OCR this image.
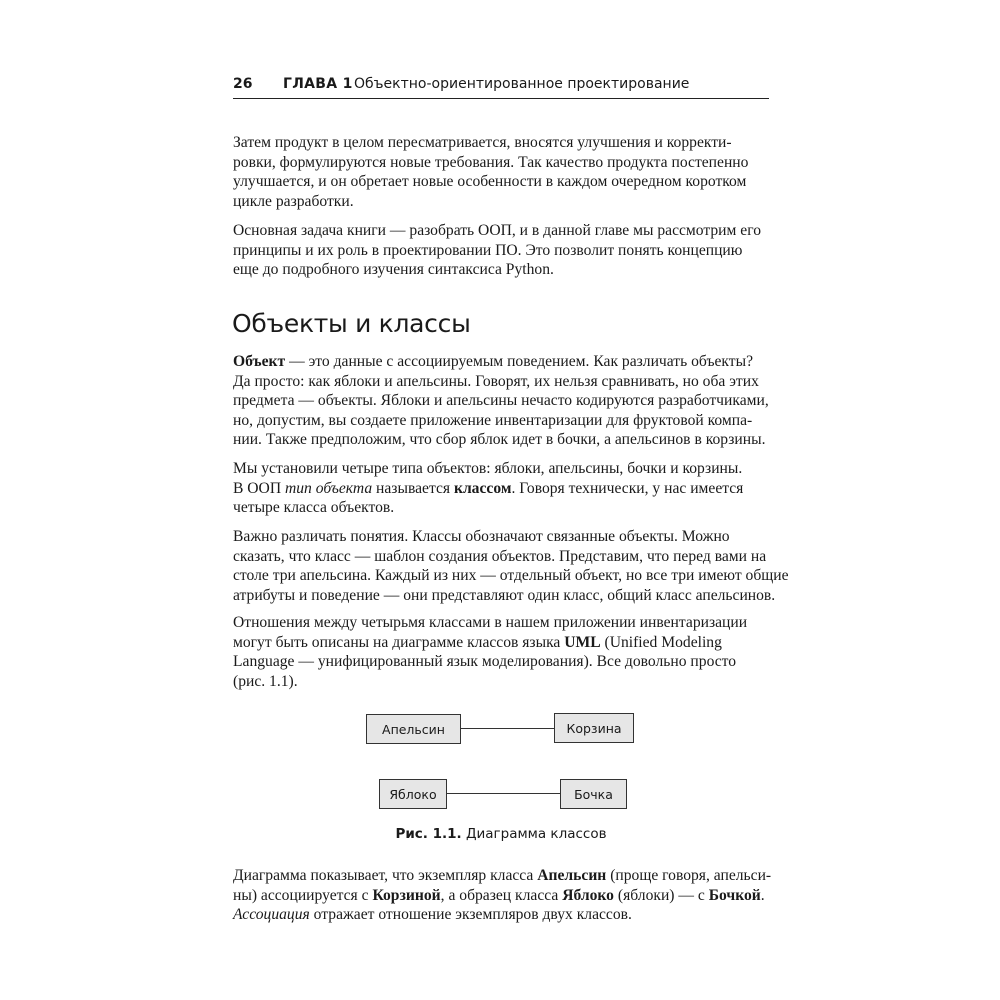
26 ГЛАВА 1 Объектно-ориентированное проектирование

Затем продукт в целом пересматривается, вносятся улучшения и корректи-
ровки, формулируются новые требования. Так качество продукта постепенно
улучшается, и он обретает новые особенности в каждом очередном коротком
цикле разработки.

Основная задача книги — разобрать ООП, и в данной главе мы рассмотрим его
принципы и их роль в проектировании ПО. Это позволит понять концепцию
еще до подробного изучения синтаксиса Python.

Объекты и классы

Объект — это данные с ассоциируемым поведением. Как различать объекты?
Да просто: как яблоки и апельсины. Говорят, их нельзя сравнивать, но оба этих
предмета — объекты. Яблоки и апельсины нечасто кодируются разработчиками,
но, допустим, вы создаете приложение инвентаризации для фруктовой компа-
нии. Также предположим, что сбор яблок идет в бочки, а апельсинов в корзины.

Мы установили четыре типа объектов: яблоки, апельсины, бочки и корзины.
В ООП тип объекта называется классом. Говоря технически, у нас имеется
четыре класса объектов.

Важно различать понятия. Классы обозначают связанные объекты. Можно
сказать, что класс — шаблон создания объектов. Представим, что перед вами на
столе три апельсина. Каждый из них — отдельный объект, но все три имеют общие
атрибуты и поведение — они представляют один класс, общий класс апельсинов.

Отношения между четырьмя классами в нашем приложении инвентаризации
могут быть описаны на диаграмме классов языка UML (Unified Modeling
Language — унифицированный язык моделирования). Все довольно просто
(рис. 1.1).

Апельсин	Корзина
Яблоко	Бочка
Рис. 1.1. Диаграмма классов

Диаграмма показывает, что экземпляр класса Апельсин (проще говоря, апельси-
ны) ассоциируется с Корзиной, а образец класса Яблоко (яблоки) — с Бочкой.
Ассоциация отражает отношение экземпляров двух классов.
